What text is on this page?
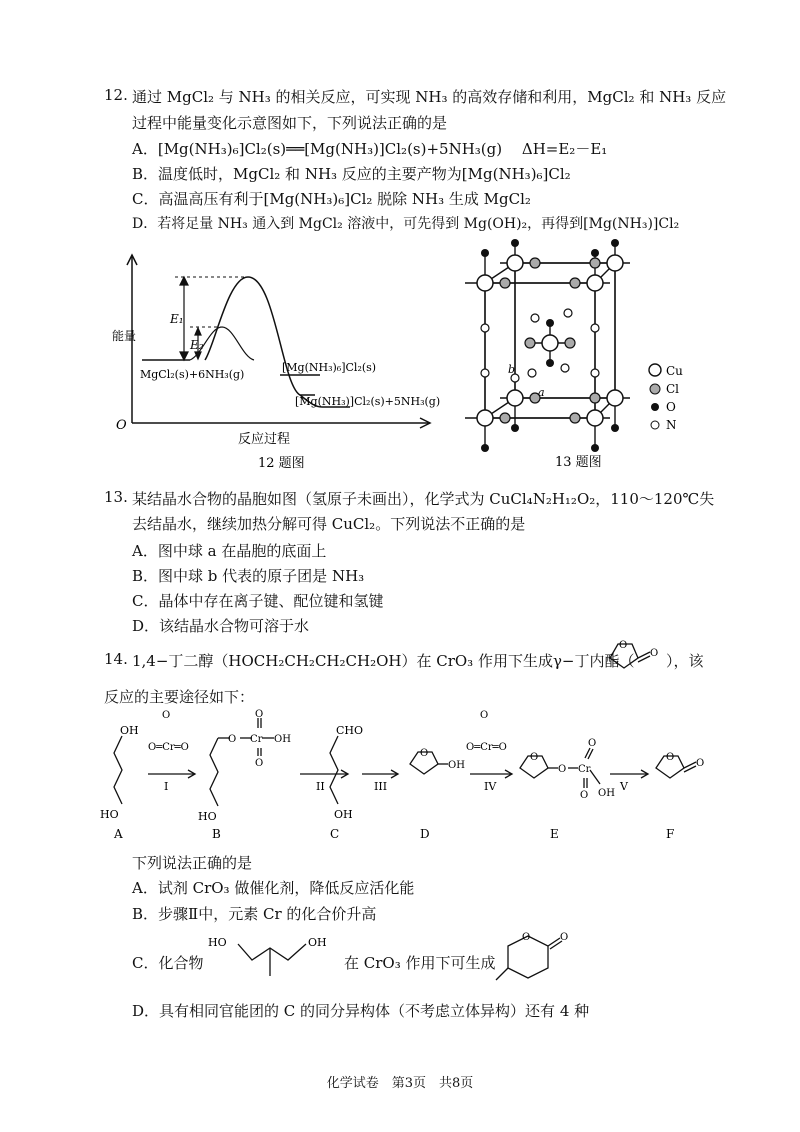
12. 通过 MgCl₂ 与 NH₃ 的相关反应，可实现 NH₃ 的高效存储和利用，MgCl₂ 和 NH₃ 反应
过程中能量变化示意图如下，下列说法正确的是
A．[Mg(NH₃)₆]Cl₂(s)══[Mg(NH₃)]Cl₂(s)+5NH₃(g)　 ΔH=E₂－E₁
B．温度低时，MgCl₂ 和 NH₃ 反应的主要产物为[Mg(NH₃)₆]Cl₂
C．高温高压有利于[Mg(NH₃)₆]Cl₂ 脱除 NH₃ 生成 MgCl₂
D．若将足量 NH₃ 通入到 MgCl₂ 溶液中，可先得到 Mg(OH)₂，再得到[Mg(NH₃)]Cl₂
E₁
E₂
能量
O
MgCl₂(s)+6NH₃(g)
[Mg(NH₃)₆]Cl₂(s)
[Mg(NH₃)]Cl₂(s)+5NH₃(g)
反应过程
12 题图
b
a
Cu
Cl
O
N
13 题图
13. 某结晶水合物的晶胞如图（氢原子未画出），化学式为 CuCl₄N₂H₁₂O₂，110～120℃失
去结晶水，继续加热分解可得 CuCl₂。下列说法不正确的是
A．图中球 a 在晶胞的底面上
B．图中球 b 代表的原子团是 NH₃
C．晶体中存在离子键、配位键和氢键
D．该结晶水合物可溶于水
14. 1,4−丁二醇（HOCH₂CH₂CH₂CH₂OH）在 CrO₃ 作用下生成γ−丁内酯（
O
O ），该
反应的主要途径如下：
OH
HO
O
O═Cr═O
I
O Cr OH
O
O
HO
II
CHO
OH
III
O
OH
O
O═Cr═O
IV
O
O Cr
O
O OH
V
O
O
A	B	C	D	E	F
下列说法正确的是
A．试剂 CrO₃ 做催化剂，降低反应活化能
B．步骤Ⅱ中，元素 Cr 的化合价升高
C．化合物
HO	OH
在 CrO₃ 作用下可生成
O	O
D．具有相同官能团的 C 的同分异构体（不考虑立体异构）还有 4 种
化学试卷　第3页　共8页
